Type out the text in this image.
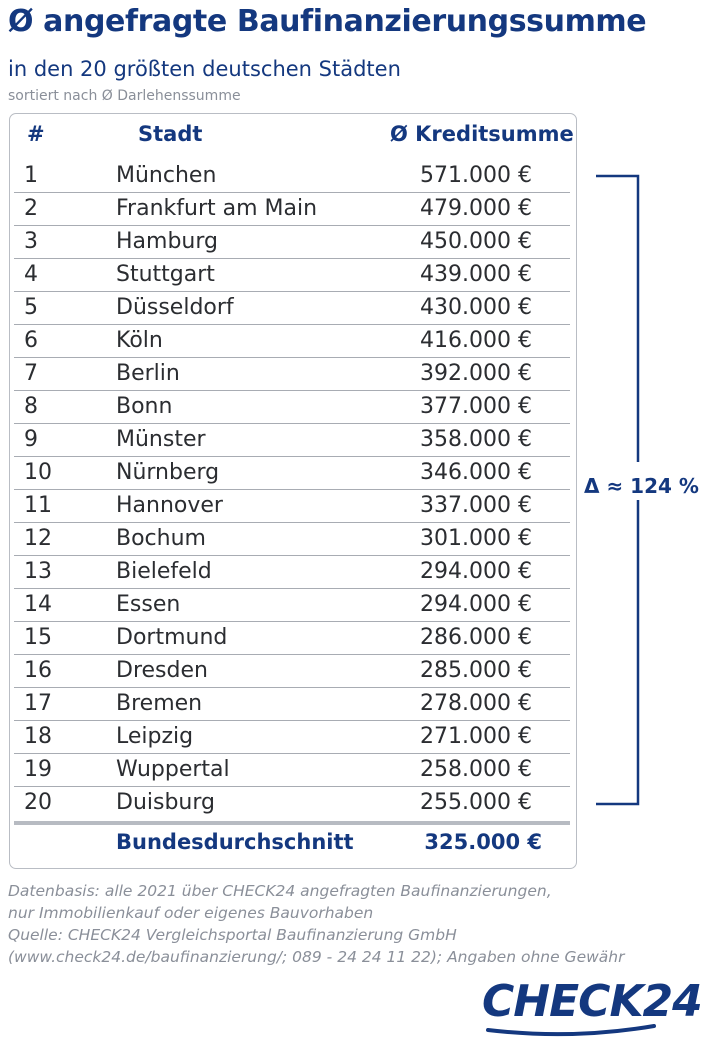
Ø angefragte Baufinanzierungssumme

in den 20 größten deutschen Städten

sortiert nach Ø Darlehenssumme

#	Stadt	Ø Kreditsumme
1	München	571.000 €
2	Frankfurt am Main	479.000 €
3	Hamburg	450.000 €
4	Stuttgart	439.000 €
5	Düsseldorf	430.000 €
6	Köln	416.000 €
7	Berlin	392.000 €
8	Bonn	377.000 €
9	Münster	358.000 €
10	Nürnberg	346.000 €
11	Hannover	337.000 €
12	Bochum	301.000 €
13	Bielefeld	294.000 €
14	Essen	294.000 €
15	Dortmund	286.000 €
16	Dresden	285.000 €
17	Bremen	278.000 €
18	Leipzig	271.000 €
19	Wuppertal	258.000 €
20	Duisburg	255.000 €
Bundesdurchschnitt	325.000 €
Δ ≈ 124 %
Datenbasis: alle 2021 über CHECK24 angefragten Baufinanzierungen,
nur Immobilienkauf oder eigenes Bauvorhaben
Quelle: CHECK24 Vergleichsportal Baufinanzierung GmbH
(www.check24.de/baufinanzierung/; 089 - 24 24 11 22); Angaben ohne Gewähr
CHECK24
